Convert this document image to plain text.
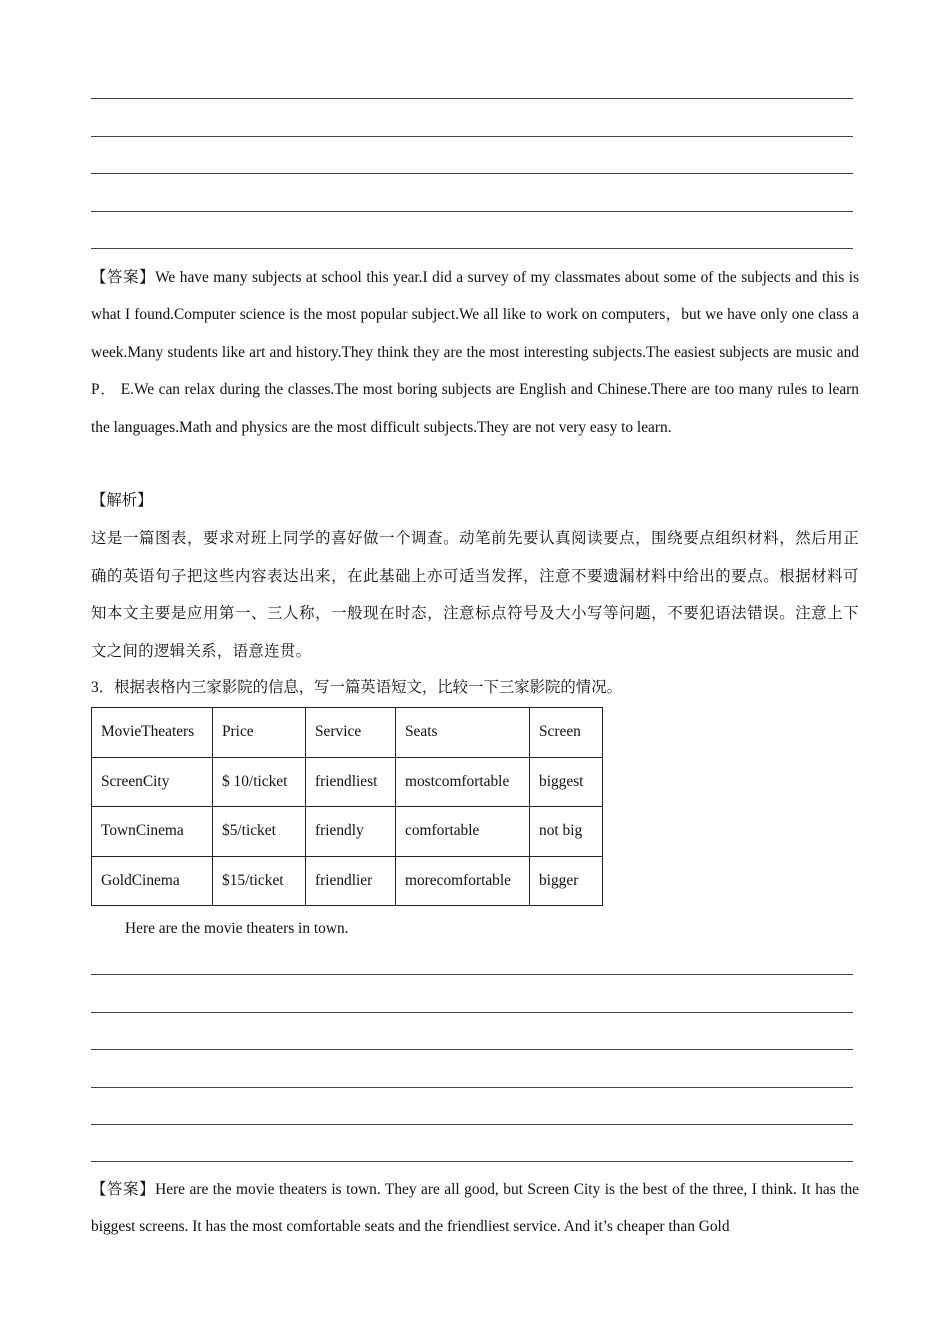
【答案】We have many subjects at school this year.I did a survey of my classmates about some of the subjects and this is what I found.Computer science is the most popular subject.We all like to work on computers，but we have only one class a week.Many students like art and history.They think they are the most interesting subjects.The easiest subjects are music and P． E.We can relax during the classes.The most boring subjects are English and Chinese.There are too many rules to learn the languages.Math and physics are the most difficult subjects.They are not very easy to learn.

【解析】

这是一篇图表，要求对班上同学的喜好做一个调查。动笔前先要认真阅读要点，围绕要点组织材料，然后用正确的英语句子把这些内容表达出来，在此基础上亦可适当发挥，注意不要遗漏材料中给出的要点。根据材料可知本文主要是应用第一、三人称，一般现在时态，注意标点符号及大小写等问题，不要犯语法错误。注意上下文之间的逻辑关系，语意连贯。

3．根据表格内三家影院的信息，写一篇英语短文，比较一下三家影院的情况。

MovieTheaters	Price	Service	Seats	Screen
ScreenCity	$ 10/ticket	friendliest	mostcomfortable	biggest
TownCinema	$5/ticket	friendly	comfortable	not big
GoldCinema	$15/ticket	friendlier	morecomfortable	bigger

Here are the movie theaters in town.

【答案】Here are the movie theaters is town. They are all good, but Screen City is the best of the three, I think. It has the biggest screens. It has the most comfortable seats and the friendliest service. And it’s cheaper than Gold
